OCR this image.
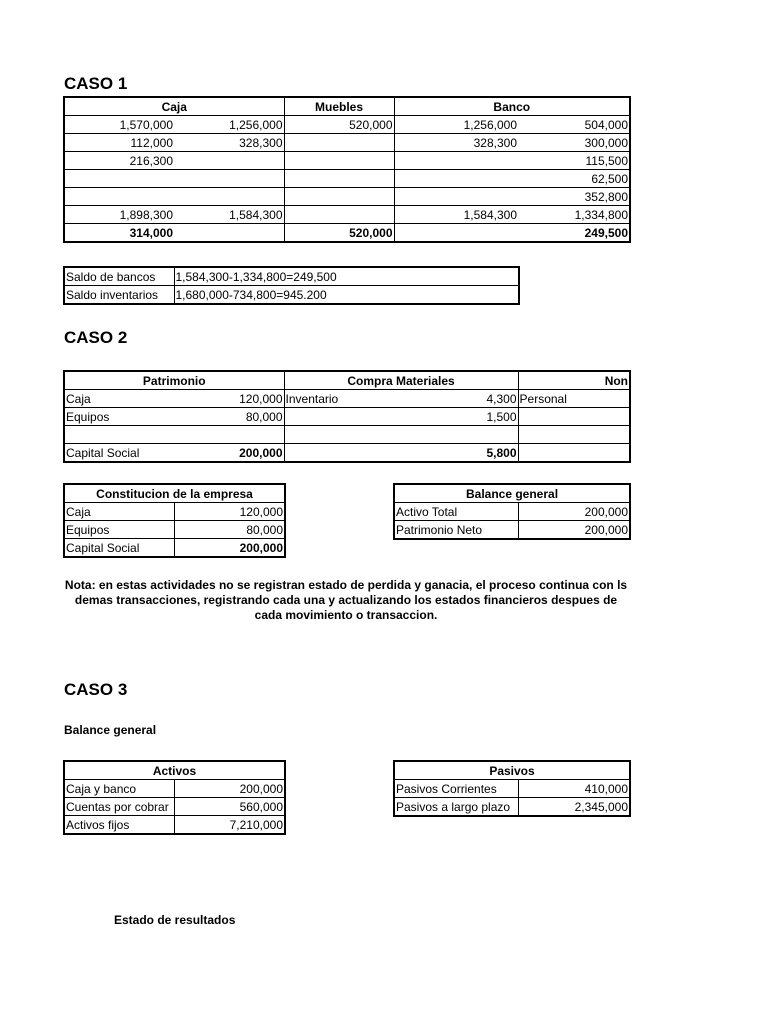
CASO 1
Caja		Muebles	Banco	
1,570,000	1,256,000	520,000	1,256,000	504,000
112,000	328,300		328,300	300,000
216,300				115,500
				62,500
				352,800
1,898,300	1,584,300		1,584,300	1,334,800
314,000		520,000		249,500
Saldo de bancos	1,584,300-1,334,800=249,500
Saldo inventarios	1,680,000-734,800=945.200
CASO 2
Patrimonio		Compra Materiales		Non
Caja	120,000	Inventario	4,300	Personal
Equipos	80,000		1,500	

Capital Social	200,000		5,800	
Constitucion de la empresa	
Caja	120,000
Equipos	80,000
Capital Social	200,000
Balance general	
Activo Total	200,000
Patrimonio Neto	200,000
Nota: en estas actividades no se registran estado de perdida y ganacia, el proceso continua con ls demas transacciones, registrando cada una y actualizando los estados financieros despues de cada movimiento o transaccion.
CASO 3
Balance general
Activos	
Caja y banco	200,000
Cuentas por cobrar	560,000
Activos fijos	7,210,000
Pasivos	
Pasivos Corrientes	410,000
Pasivos a largo plazo	2,345,000
Estado de resultados
